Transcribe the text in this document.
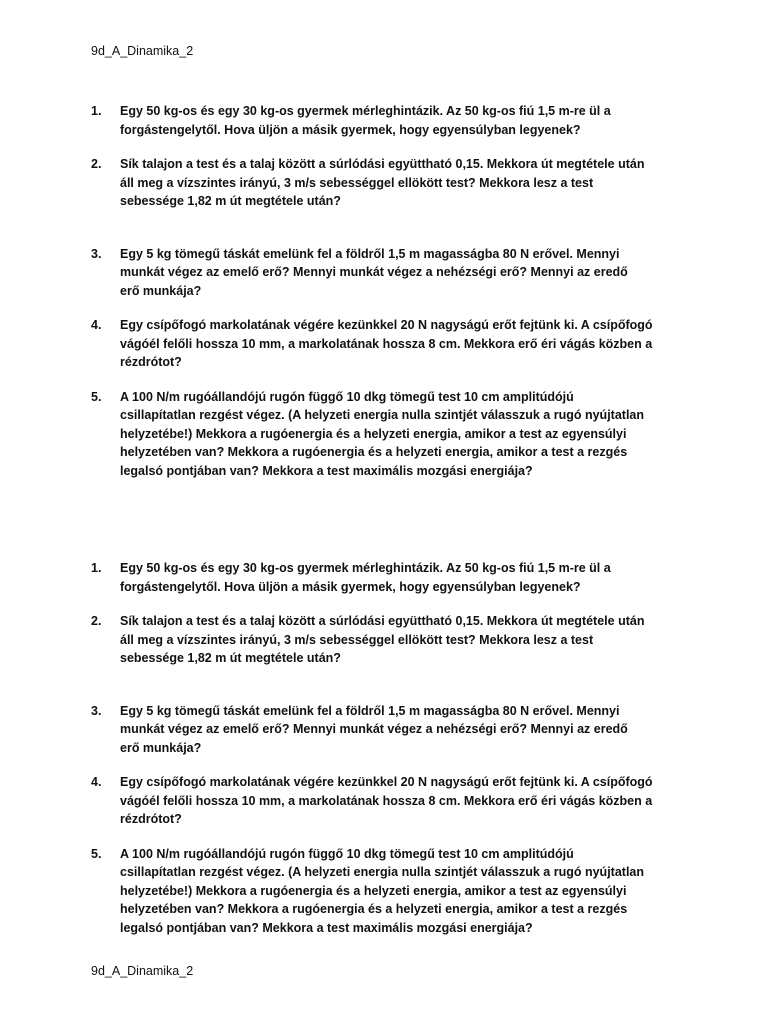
9d_A_Dinamika_2
1.	Egy 50 kg-os és egy 30 kg-os gyermek mérleghintázik. Az 50 kg-os fiú 1,5 m-re ül a
forgástengelytől. Hova üljön a másik gyermek, hogy egyensúlyban legyenek?
2.	Sík talajon a test és a talaj között a súrlódási együttható 0,15. Mekkora út megtétele után
áll meg a vízszintes irányú, 3 m/s sebességgel ellökött test? Mekkora lesz a test
sebessége 1,82 m út megtétele után?
3.	Egy 5 kg tömegű táskát emelünk fel a földről 1,5 m magasságba 80 N erővel. Mennyi
munkát végez az emelő erő? Mennyi munkát végez a nehézségi erő? Mennyi az eredő
erő munkája?
4.	Egy csípőfogó markolatának végére kezünkkel 20 N nagyságú erőt fejtünk ki. A csípőfogó
vágóél felőli hossza 10 mm, a markolatának hossza 8 cm. Mekkora erő éri vágás közben a
rézdrótot?
5.	A 100 N/m rugóállandójú rugón függő 10 dkg tömegű test 10 cm amplitúdójú
csillapítatlan rezgést végez. (A helyzeti energia nulla szintjét válasszuk a rugó nyújtatlan
helyzetébe!) Mekkora a rugóenergia és a helyzeti energia, amikor a test az egyensúlyi
helyzetében van? Mekkora a rugóenergia és a helyzeti energia, amikor a test a rezgés
legalsó pontjában van? Mekkora a test maximális mozgási energiája?
1.	Egy 50 kg-os és egy 30 kg-os gyermek mérleghintázik. Az 50 kg-os fiú 1,5 m-re ül a
forgástengelytől. Hova üljön a másik gyermek, hogy egyensúlyban legyenek?
2.	Sík talajon a test és a talaj között a súrlódási együttható 0,15. Mekkora út megtétele után
áll meg a vízszintes irányú, 3 m/s sebességgel ellökött test? Mekkora lesz a test
sebessége 1,82 m út megtétele után?
3.	Egy 5 kg tömegű táskát emelünk fel a földről 1,5 m magasságba 80 N erővel. Mennyi
munkát végez az emelő erő? Mennyi munkát végez a nehézségi erő? Mennyi az eredő
erő munkája?
4.	Egy csípőfogó markolatának végére kezünkkel 20 N nagyságú erőt fejtünk ki. A csípőfogó
vágóél felőli hossza 10 mm, a markolatának hossza 8 cm. Mekkora erő éri vágás közben a
rézdrótot?
5.	A 100 N/m rugóállandójú rugón függő 10 dkg tömegű test 10 cm amplitúdójú
csillapítatlan rezgést végez. (A helyzeti energia nulla szintjét válasszuk a rugó nyújtatlan
helyzetébe!) Mekkora a rugóenergia és a helyzeti energia, amikor a test az egyensúlyi
helyzetében van? Mekkora a rugóenergia és a helyzeti energia, amikor a test a rezgés
legalsó pontjában van? Mekkora a test maximális mozgási energiája?
9d_A_Dinamika_2
